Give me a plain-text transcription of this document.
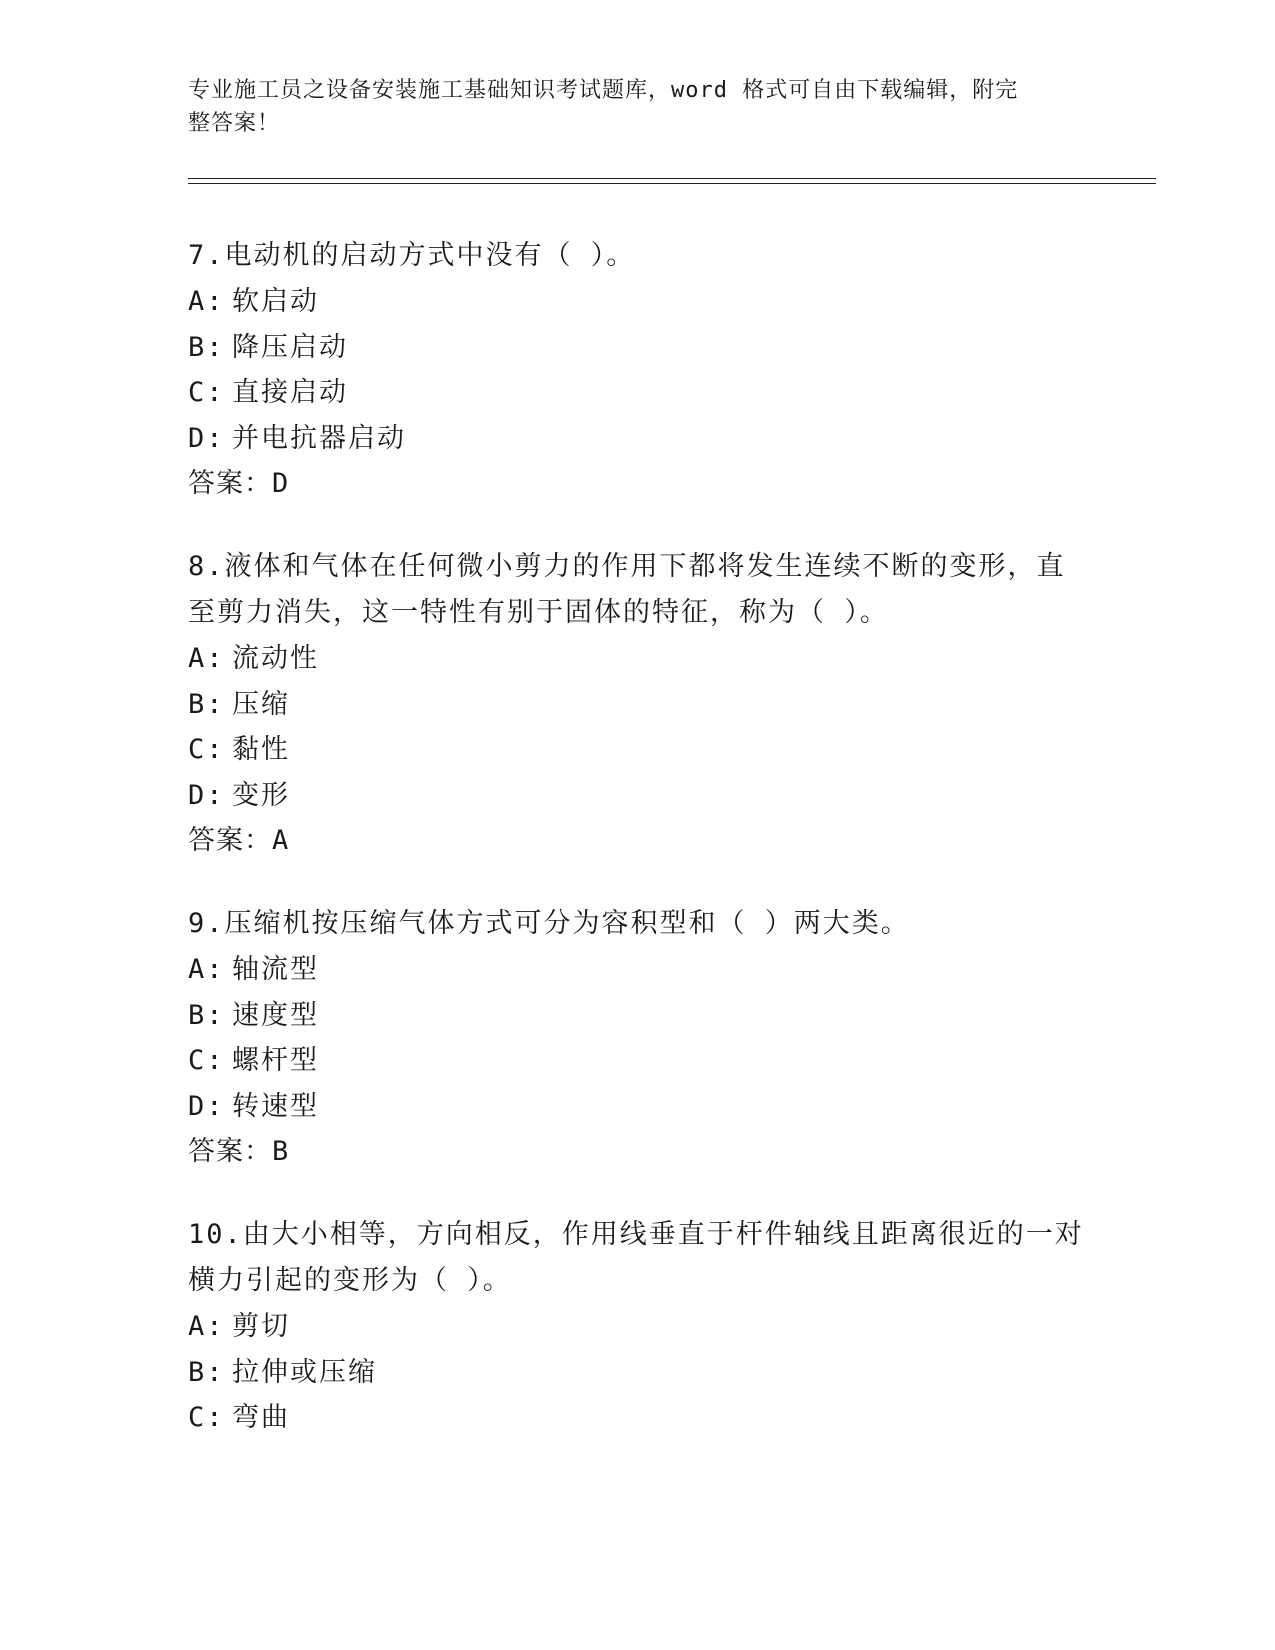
专业施工员之设备安装施工基础知识考试题库，word 格式可自由下载编辑，附完
整答案！
7.电动机的启动方式中没有（ ）。
A: 软启动
B: 降压启动
C: 直接启动
D: 并电抗器启动
答案：D
8.液体和气体在任何微小剪力的作用下都将发生连续不断的变形，直
至剪力消失，这一特性有别于固体的特征，称为（ ）。
A: 流动性
B: 压缩
C: 黏性
D: 变形
答案：A
9.压缩机按压缩气体方式可分为容积型和（ ）两大类。
A: 轴流型
B: 速度型
C: 螺杆型
D: 转速型
答案：B
10.由大小相等，方向相反，作用线垂直于杆件轴线且距离很近的一对
横力引起的变形为（ ）。
A: 剪切
B: 拉伸或压缩
C: 弯曲
